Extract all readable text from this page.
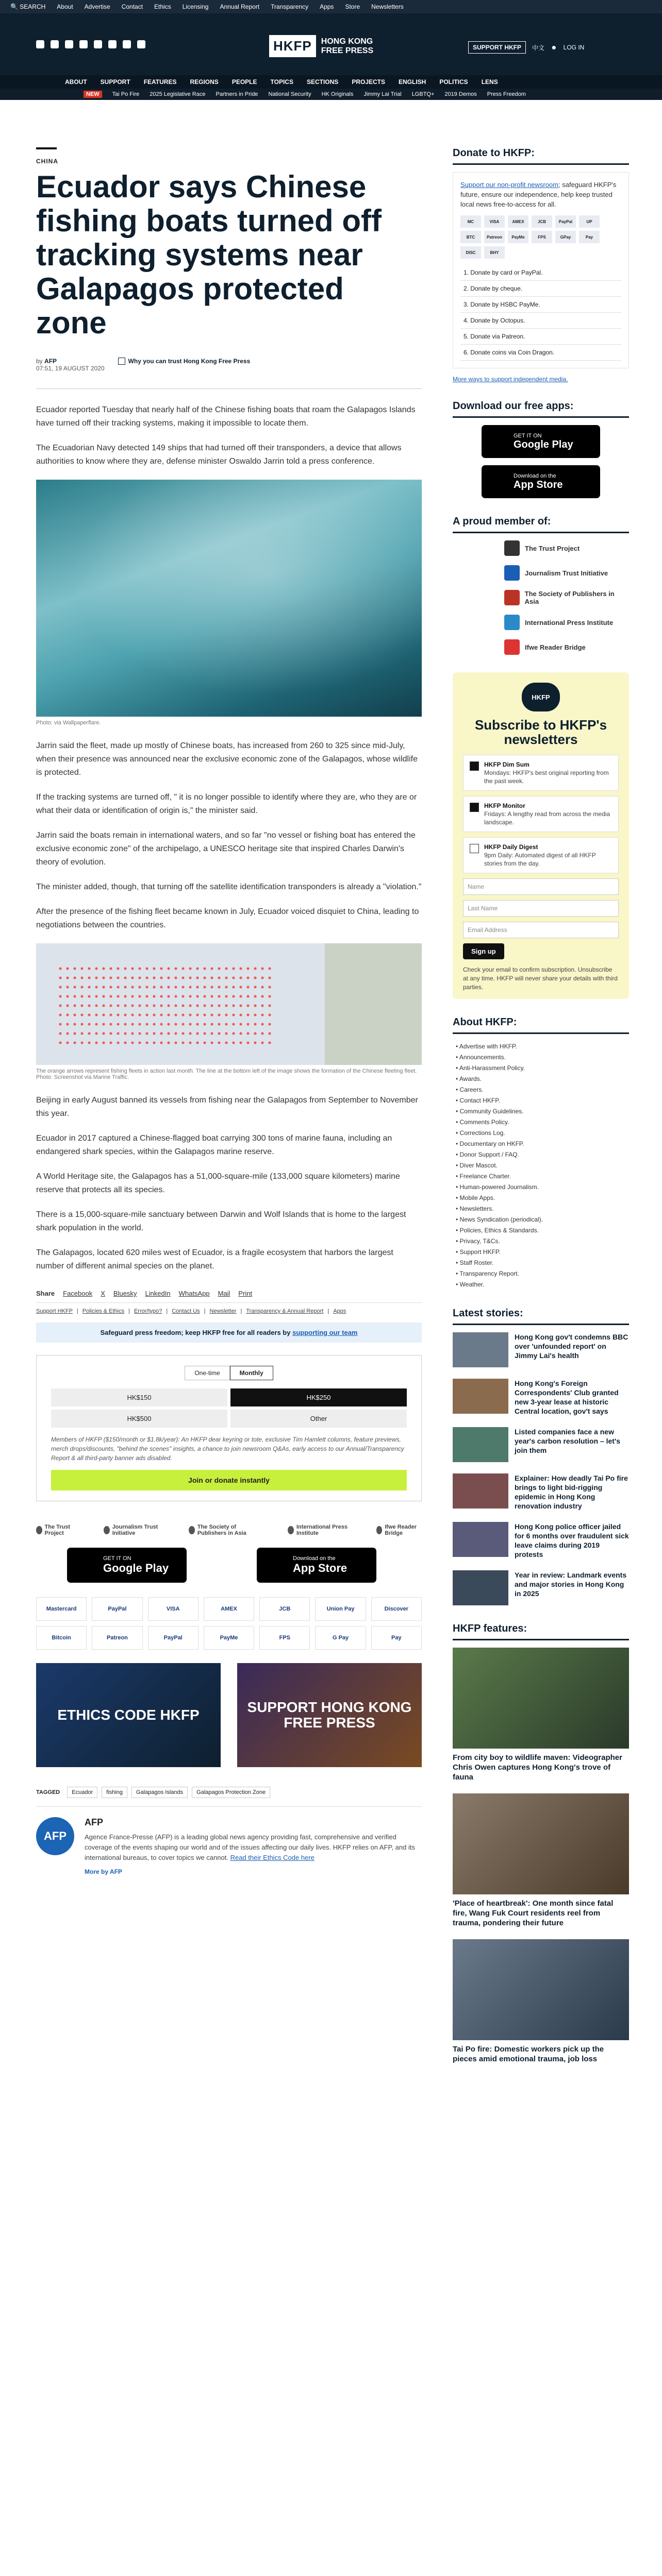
🔍 SEARCH About Advertise Contact Ethics Licensing Annual Report Transparency Apps Store Newsletters
HKFP	HONG KONG FREE PRESS	SUPPORT HKFP	中文 ☻ LOG IN
ABOUT SUPPORT FEATURES REGIONS PEOPLE TOPICS SECTIONS PROJECTS ENGLISH POLITICS LENS
NEW	Tai Po Fire 2025 Legislative Race Partners in Pride National Security HK Originals Jimmy Lai Trial LGBTQ+ 2019 Demos Press Freedom
CHINA
Ecuador says Chinese fishing boats turned off tracking systems near Galapagos protected zone
by AFP
07:51, 19 AUGUST 2020
Why you can trust Hong Kong Free Press

Ecuador reported Tuesday that nearly half of the Chinese fishing boats that roam the Galapagos Islands have turned off their tracking systems, making it impossible to locate them.

The Ecuadorian Navy detected 149 ships that had turned off their transponders, a device that allows authorities to know where they are, defense minister Oswaldo Jarrin told a press conference.

Photo: via Wallpaperflare.

Jarrin said the fleet, made up mostly of Chinese boats, has increased from 260 to 325 since mid-July, when their presence was announced near the exclusive economic zone of the Galapagos, whose wildlife is protected.

If the tracking systems are turned off, " it is no longer possible to identify where they are, who they are or what their data or identification of origin is," the minister said.

Jarrin said the boats remain in international waters, and so far "no vessel or fishing boat has entered the exclusive economic zone" of the archipelago, a UNESCO heritage site that inspired Charles Darwin's theory of evolution.

The minister added, though, that turning off the satellite identification transponders is already a "violation."

After the presence of the fishing fleet became known in July, Ecuador voiced disquiet to China, leading to negotiations between the countries.

The orange arrows represent fishing fleets in action last month. The line at the bottom left of the image shows the formation of the Chinese fleeting fleet. Photo: Screenshot via Marine Traffic.

Beijing in early August banned its vessels from fishing near the Galapagos from September to November this year.

Ecuador in 2017 captured a Chinese-flagged boat carrying 300 tons of marine fauna, including an endangered shark species, within the Galapagos marine reserve.

A World Heritage site, the Galapagos has a 51,000-square-mile (133,000 square kilometers) marine reserve that protects all its species.

There is a 15,000-square-mile sanctuary between Darwin and Wolf Islands that is home to the largest shark population in the world.

The Galapagos, located 620 miles west of Ecuador, is a fragile ecosystem that harbors the largest number of different animal species on the planet.

Share Facebook X Bluesky LinkedIn WhatsApp Mail Print
Support HKFP | Policies & Ethics | Error/typo? | Contact Us | Newsletter | Transparency & Annual Report | Apps
Safeguard press freedom; keep HKFP free for all readers by supporting our team
One-time	Monthly
HK$150	HK$250
HK$500	Other

Members of HKFP ($150/month or $1.8k/year): An HKFP dear keyring or tote, exclusive Tim Hamlett columns, feature previews, merch drops/discounts, "behind the scenes" insights, a chance to join newsroom Q&As, early access to our Annual/Transparency Report & all third-party banner ads disabled.

Join or donate instantly
The Trust Project
Journalism Trust Initiative
The Society of Publishers in Asia
International Press Institute
Ifwe Reader Bridge
GET IT ON
Google Play
Download on the
App Store
Mastercard	PayPal	VISA	AMEX	JCB	Union Pay	Discover
Bitcoin	Patreon	PayPal	PayMe	FPS	G Pay	Pay
ETHICS CODE HKFP	SUPPORT HONG KONG FREE PRESS
TAGGED	Ecuador	fishing	Galapagos Islands	Galapagos Protection Zone
AFP
AFP

Agence France-Presse (AFP) is a leading global news agency providing fast, comprehensive and verified coverage of the events shaping our world and of the issues affecting our daily lives. HKFP relies on AFP, and its international bureaus, to cover topics we cannot. Read their Ethics Code here

More by AFP
Donate to HKFP:

Support our non-profit newsroom; safeguard HKFP's future, ensure our independence, help keep trusted local news free-to-access for all.

MC	VISA	AMEX	JCB	PayPal	UP
BTC	Patreon	PayMe	FPS	GPay	Pay
DISC	BHY
1. Donate by card or PayPal.
2. Donate by cheque.
3. Donate by HSBC PayMe.
4. Donate by Octopus.
5. Donate via Patreon.
6. Donate coins via Coin Dragon.
More ways to support independent media.
Download our free apps:
GET IT ON
Google Play
Download on the
App Store
A proud member of:
The Trust Project
Journalism Trust Initiative
The Society of Publishers in Asia
International Press Institute
Ifwe Reader Bridge
HKFP
Subscribe to HKFP's newsletters
HKFP Dim Sum
Mondays: HKFP's best original reporting from the past week.
HKFP Monitor
Fridays: A lengthy read from across the media landscape.
HKFP Daily Digest
9pm Daily: Automated digest of all HKFP stories from the day.
Name
Last Name
Email Address
Sign up

Check your email to confirm subscription. Unsubscribe at any time. HKFP will never share your details with third parties.

About HKFP:
• Advertise with HKFP.
• Announcements.
• Anti-Harassment Policy.
• Awards.
• Careers.
• Contact HKFP.
• Community Guidelines.
• Comments Policy.
• Corrections Log.
• Documentary on HKFP.
• Donor Support / FAQ.
• Diver Mascot.
• Freelance Charter.
• Human-powered Journalism.
• Mobile Apps.
• Newsletters.
• News Syndication (periodical).
• Policies, Ethics & Standards.
• Privacy, T&Cs.
• Support HKFP.
• Staff Roster.
• Transparency Report.
• Weather.
Latest stories:
Hong Kong gov't condemns BBC over 'unfounded report' on Jimmy Lai's health
Hong Kong's Foreign Correspondents' Club granted new 3-year lease at historic Central location, gov't says
Listed companies face a new year's carbon resolution – let's join them
Explainer: How deadly Tai Po fire brings to light bid-rigging epidemic in Hong Kong renovation industry
Hong Kong police officer jailed for 6 months over fraudulent sick leave claims during 2019 protests
Year in review: Landmark events and major stories in Hong Kong in 2025
HKFP features:
From city boy to wildlife maven: Videographer Chris Owen captures Hong Kong's trove of fauna
'Place of heartbreak': One month since fatal fire, Wang Fuk Court residents reel from trauma, pondering their future
Tai Po fire: Domestic workers pick up the pieces amid emotional trauma, job loss
